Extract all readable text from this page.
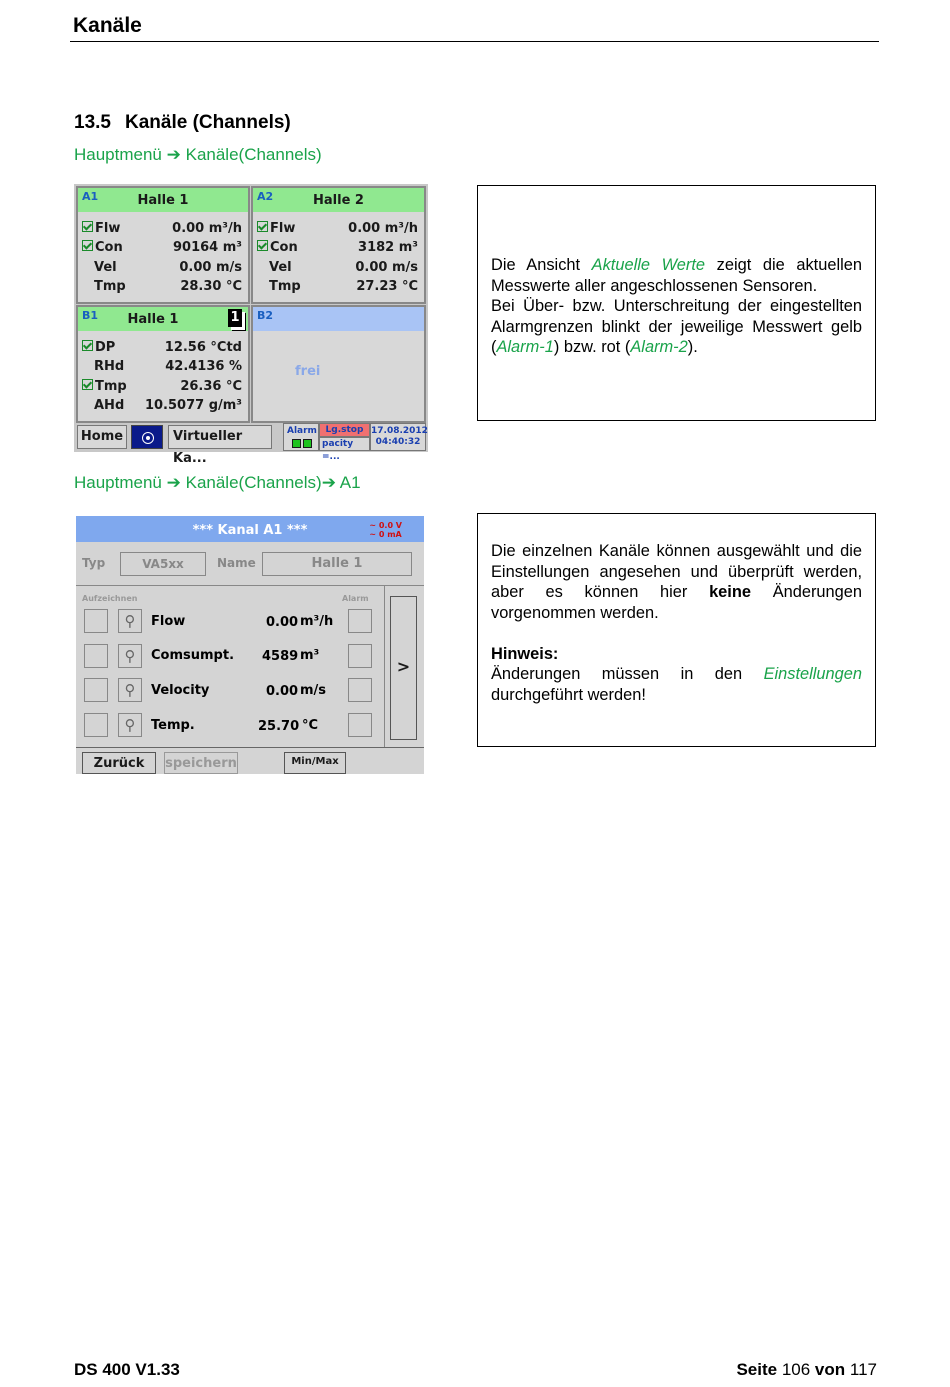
Kanäle
13.5 Kanäle (Channels)
Hauptmenü ➔ Kanäle(Channels)
A1	Halle 1
Flw	0.00 m³/h
Con	90164 m³
Vel	0.00 m/s
Tmp	28.30 °C
A2	Halle 2
Flw	0.00 m³/h
Con	3182 m³
Vel	0.00 m/s
Tmp	27.23 °C
B1	Halle 1	1
DP	12.56 °Ctd
RHd	42.4136 %
Tmp	26.36 °C
AHd 10.5077 g/m³
B2
frei
Home	Virtueller Ka...
Alarm Lg.stop
pacity =...
17.08.2012
04:40:32
Die Ansicht Aktuelle Werte zeigt die aktuellen Messwerte aller angeschlossenen Sensoren.
Bei Über- bzw. Unterschreitung der eingestellten Alarmgrenzen blinkt der jeweilige Messwert gelb (Alarm-1) bzw. rot (Alarm-2).
Hauptmenü ➔ Kanäle(Channels)➔ A1
*** Kanal A1 ***	~ 0.0 V
~ 0 mA
Typ	VA5xx	Name	Halle 1
Aufzeichnen	Alarm
⚲	Flow	0.00 m³/h
⚲	Comsumpt. 4589 m³
⚲	Velocity	0.00 m/s
⚲	Temp.	25.70 °C
>
Zurück	speichern	Min/Max
Die einzelnen Kanäle können ausgewählt und die Einstellungen angesehen und überprüft werden, aber es können hier keine Änderungen vorgenommen werden.

Hinweis:
Änderungen müssen in den Einstellungen durchgeführt werden!
DS 400 V1.33	Seite 106 von 117
